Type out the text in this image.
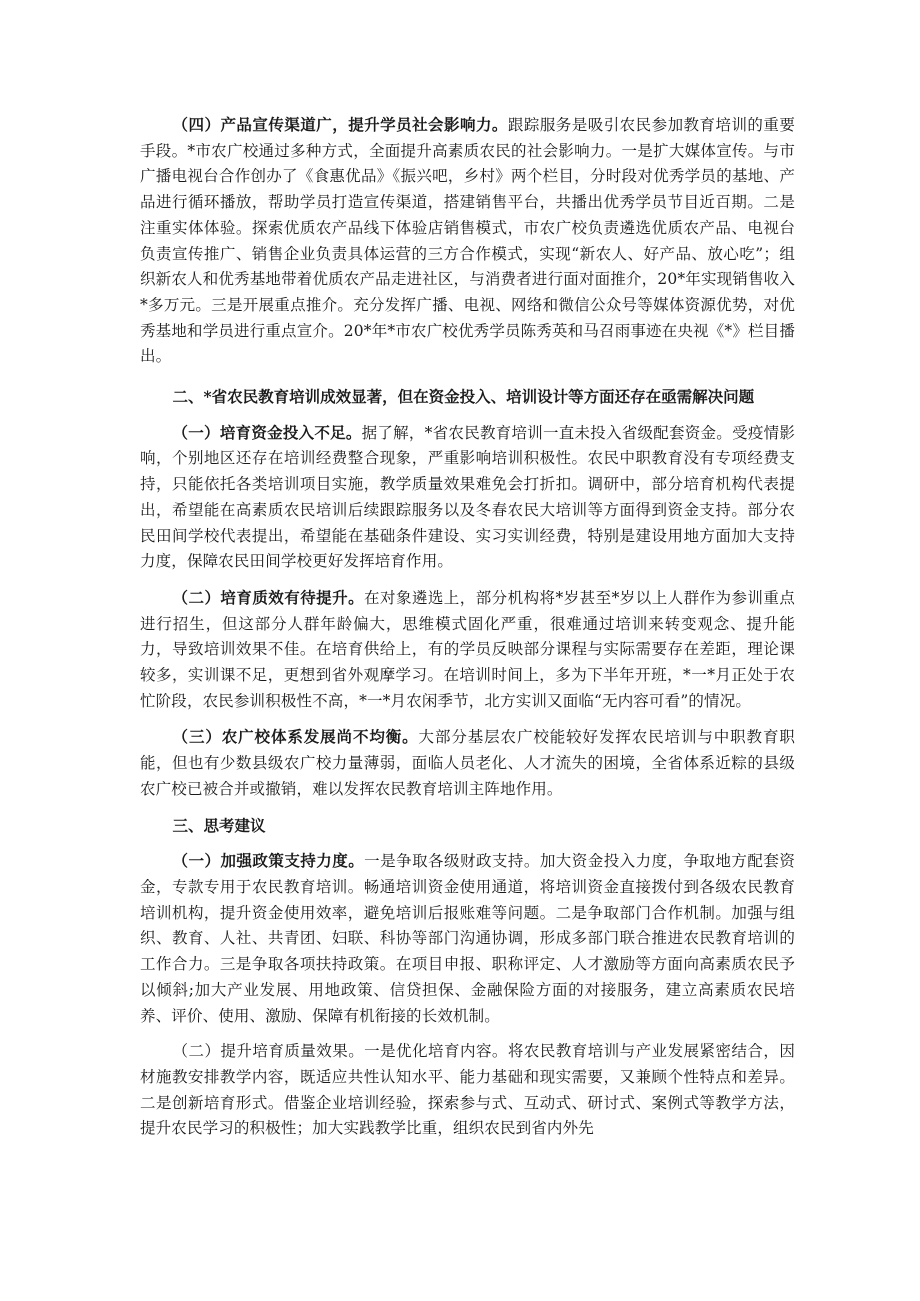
（四）产品宣传渠道广，提升学员社会影响力。跟踪服务是吸引农民参加教育培训的重要手段。*市农广校通过多种方式，全面提升高素质农民的社会影响力。一是扩大媒体宣传。与市广播电视台合作创办了《食惠优品》《振兴吧，乡村》两个栏目，分时段对优秀学员的基地、产品进行循环播放，帮助学员打造宣传渠道，搭建销售平台，共播出优秀学员节目近百期。二是注重实体体验。探索优质农产品线下体验店销售模式，市农广校负责遴选优质农产品、电视台负责宣传推广、销售企业负责具体运营的三方合作模式，实现“新农人、好产品、放心吃”；组织新农人和优秀基地带着优质农产品走进社区，与消费者进行面对面推介，20*年实现销售收入*多万元。三是开展重点推介。充分发挥广播、电视、网络和微信公众号等媒体资源优势，对优秀基地和学员进行重点宣介。20*年*市农广校优秀学员陈秀英和马召雨事迹在央视《*》栏目播出。

二、*省农民教育培训成效显著，但在资金投入、培训设计等方面还存在亟需解决问题

（一）培育资金投入不足。据了解，*省农民教育培训一直未投入省级配套资金。受疫情影响，个别地区还存在培训经费整合现象，严重影响培训积极性。农民中职教育没有专项经费支持，只能依托各类培训项目实施，教学质量效果难免会打折扣。调研中，部分培育机构代表提出，希望能在高素质农民培训后续跟踪服务以及冬春农民大培训等方面得到资金支持。部分农民田间学校代表提出，希望能在基础条件建设、实习实训经费，特别是建设用地方面加大支持力度，保障农民田间学校更好发挥培育作用。

（二）培育质效有待提升。在对象遴选上，部分机构将*岁甚至*岁以上人群作为参训重点进行招生，但这部分人群年龄偏大，思维模式固化严重，很难通过培训来转变观念、提升能力，导致培训效果不佳。在培育供给上，有的学员反映部分课程与实际需要存在差距，理论课较多，实训课不足，更想到省外观摩学习。在培训时间上，多为下半年开班，*一*月正处于农忙阶段，农民参训积极性不高，*一*月农闲季节，北方实训又面临“无内容可看”的情况。

（三）农广校体系发展尚不均衡。大部分基层农广校能较好发挥农民培训与中职教育职能，但也有少数县级农广校力量薄弱，面临人员老化、人才流失的困境，全省体系近粽的县级农广校已被合并或撤销，难以发挥农民教育培训主阵地作用。

三、思考建议

（一）加强政策支持力度。一是争取各级财政支持。加大资金投入力度，争取地方配套资金，专款专用于农民教育培训。畅通培训资金使用通道，将培训资金直接拨付到各级农民教育培训机构，提升资金使用效率，避免培训后报账难等问题。二是争取部门合作机制。加强与组织、教育、人社、共青团、妇联、科协等部门沟通协调，形成多部门联合推进农民教育培训的工作合力。三是争取各项扶持政策。在项目申报、职称评定、人才激励等方面向高素质农民予以倾斜;加大产业发展、用地政策、信贷担保、金融保险方面的对接服务，建立高素质农民培养、评价、使用、激励、保障有机衔接的长效机制。

（二）提升培育质量效果。一是优化培育内容。将农民教育培训与产业发展紧密结合，因材施教安排教学内容，既适应共性认知水平、能力基础和现实需要，又兼顾个性特点和差异。二是创新培育形式。借鉴企业培训经验，探索参与式、互动式、研讨式、案例式等教学方法，提升农民学习的积极性；加大实践教学比重，组织农民到省内外先
